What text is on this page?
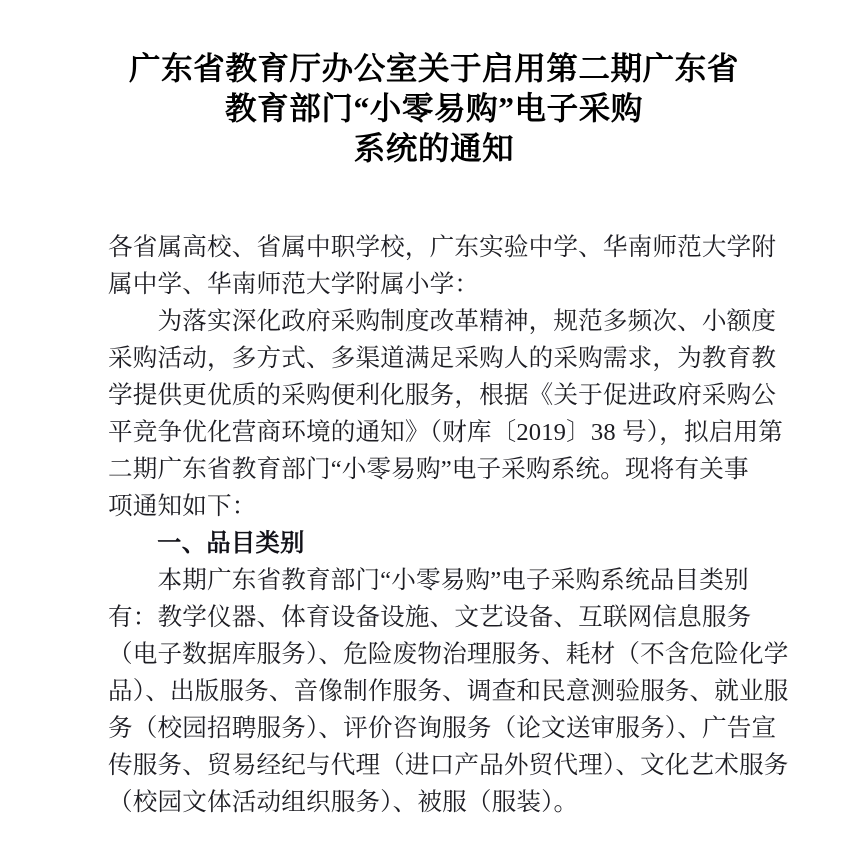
广东省教育厅办公室关于启用第二期广东省
教育部门“小零易购”电子采购
系统的通知
各省属高校、省属中职学校，广东实验中学、华南师范大学附
属中学、华南师范大学附属小学：
　　为落实深化政府采购制度改革精神，规范多频次、小额度
采购活动，多方式、多渠道满足采购人的采购需求，为教育教
学提供更优质的采购便利化服务，根据《关于促进政府采购公
平竞争优化营商环境的通知》（财库〔2019〕38 号），拟启用第
二期广东省教育部门“小零易购”电子采购系统。现将有关事
项通知如下：
　　一、品目类别
　　本期广东省教育部门“小零易购”电子采购系统品目类别
有：教学仪器、体育设备设施、文艺设备、互联网信息服务
（电子数据库服务）、危险废物治理服务、耗材（不含危险化学
品）、出版服务、音像制作服务、调查和民意测验服务、就业服
务（校园招聘服务）、评价咨询服务（论文送审服务）、广告宣
传服务、贸易经纪与代理（进口产品外贸代理）、文化艺术服务
（校园文体活动组织服务）、被服（服装）。
